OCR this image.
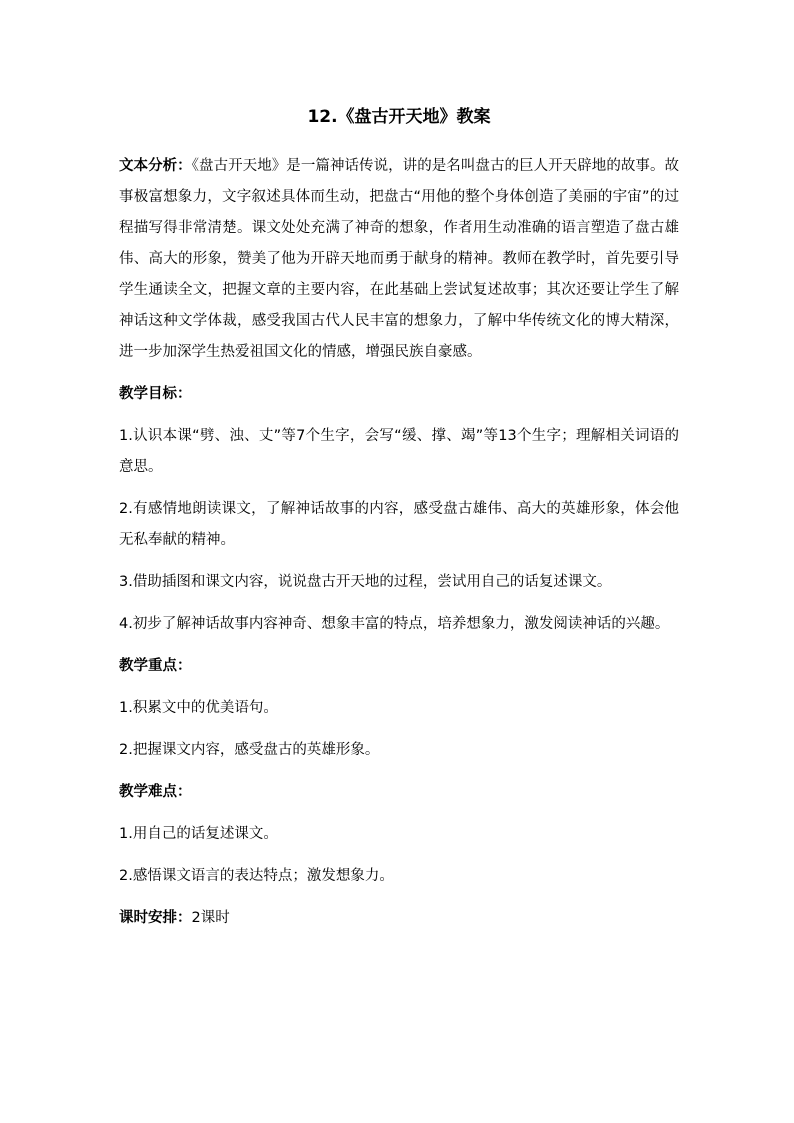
12.《盘古开天地》教案
文本分析：《盘古开天地》是一篇神话传说，讲的是名叫盘古的巨人开天辟地的故事。故事极富想象力，文字叙述具体而生动，把盘古“用他的整个身体创造了美丽的宇宙”的过程描写得非常清楚。课文处处充满了神奇的想象，作者用生动准确的语言塑造了盘古雄伟、高大的形象，赞美了他为开辟天地而勇于献身的精神。教师在教学时，首先要引导学生通读全文，把握文章的主要内容，在此基础上尝试复述故事；其次还要让学生了解神话这种文学体裁，感受我国古代人民丰富的想象力，了解中华传统文化的博大精深，进一步加深学生热爱祖国文化的情感，增强民族自豪感。
教学目标：
1.认识本课“劈、浊、丈”等7个生字，会写“缓、撑、竭”等13个生字；理解相关词语的意思。
2.有感情地朗读课文，了解神话故事的内容，感受盘古雄伟、高大的英雄形象，体会他无私奉献的精神。
3.借助插图和课文内容，说说盘古开天地的过程，尝试用自己的话复述课文。
4.初步了解神话故事内容神奇、想象丰富的特点，培养想象力，激发阅读神话的兴趣。
教学重点：
1.积累文中的优美语句。
2.把握课文内容，感受盘古的英雄形象。
教学难点：
1.用自己的话复述课文。
2.感悟课文语言的表达特点；激发想象力。
课时安排：2课时
